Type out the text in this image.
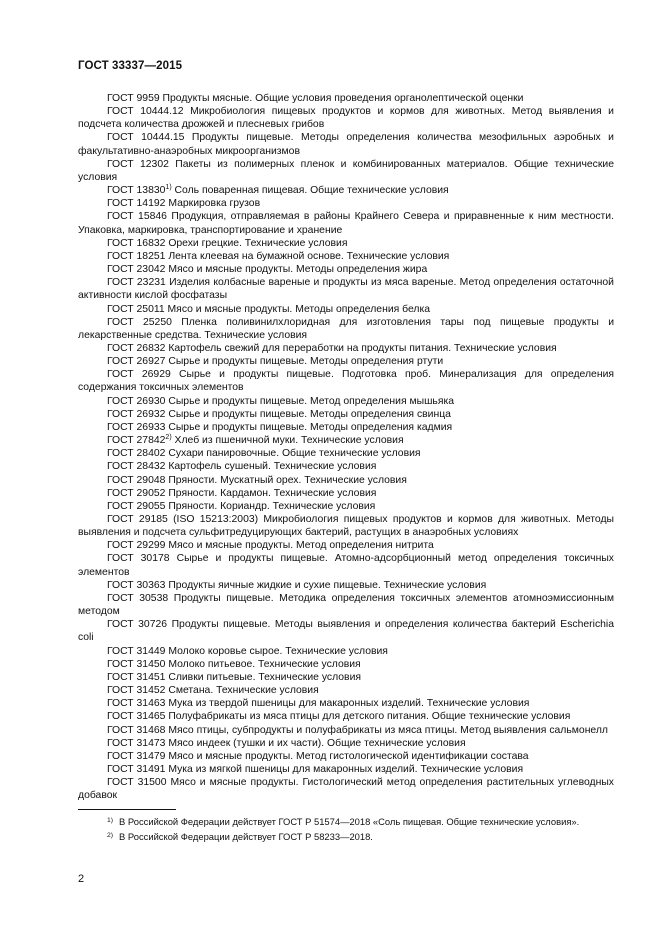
ГОСТ 33337—2015
ГОСТ 9959 Продукты мясные. Общие условия проведения органолептической оценки
ГОСТ 10444.12 Микробиология пищевых продуктов и кормов для животных. Метод выявления и подсчета количества дрожжей и плесневых грибов
ГОСТ 10444.15 Продукты пищевые. Методы определения количества мезофильных аэробных и факультативно-анаэробных микроорганизмов
ГОСТ 12302 Пакеты из полимерных пленок и комбинированных материалов. Общие технические условия
ГОСТ 13830$^{1)}$ Соль поваренная пищевая. Общие технические условия
ГОСТ 14192 Маркировка грузов
ГОСТ 15846 Продукция, отправляемая в районы Крайнего Севера и приравненные к ним местности. Упаковка, маркировка, транспортирование и хранение
ГОСТ 16832 Орехи грецкие. Технические условия
ГОСТ 18251 Лента клеевая на бумажной основе. Технические условия
ГОСТ 23042 Мясо и мясные продукты. Методы определения жира
ГОСТ 23231 Изделия колбасные вареные и продукты из мяса вареные. Метод определения остаточной активности кислой фосфатазы
ГОСТ 25011 Мясо и мясные продукты. Методы определения белка
ГОСТ 25250 Пленка поливинилхлоридная для изготовления тары под пищевые продукты и лекарственные средства. Технические условия
ГОСТ 26832 Картофель свежий для переработки на продукты питания. Технические условия
ГОСТ 26927 Сырье и продукты пищевые. Методы определения ртути
ГОСТ 26929 Сырье и продукты пищевые. Подготовка проб. Минерализация для определения содержания токсичных элементов
ГОСТ 26930 Сырье и продукты пищевые. Метод определения мышьяка
ГОСТ 26932 Сырье и продукты пищевые. Методы определения свинца
ГОСТ 26933 Сырье и продукты пищевые. Методы определения кадмия
ГОСТ 27842$^{2)}$ Хлеб из пшеничной муки. Технические условия
ГОСТ 28402 Сухари панировочные. Общие технические условия
ГОСТ 28432 Картофель сушеный. Технические условия
ГОСТ 29048 Пряности. Мускатный орех. Технические условия
ГОСТ 29052 Пряности. Кардамон. Технические условия
ГОСТ 29055 Пряности. Кориандр. Технические условия
ГОСТ 29185 (ISO 15213:2003) Микробиология пищевых продуктов и кормов для животных. Методы выявления и подсчета сульфитредуцирующих бактерий, растущих в анаэробных условиях
ГОСТ 29299 Мясо и мясные продукты. Метод определения нитрита
ГОСТ 30178 Сырье и продукты пищевые. Атомно-адсорбционный метод определения токсичных элементов
ГОСТ 30363 Продукты яичные жидкие и сухие пищевые. Технические условия
ГОСТ 30538 Продукты пищевые. Методика определения токсичных элементов атомноэмиссионным методом
ГОСТ 30726 Продукты пищевые. Методы выявления и определения количества бактерий Escherichia coli
ГОСТ 31449 Молоко коровье сырое. Технические условия
ГОСТ 31450 Молоко питьевое. Технические условия
ГОСТ 31451 Сливки питьевые. Технические условия
ГОСТ 31452 Сметана. Технические условия
ГОСТ 31463 Мука из твердой пшеницы для макаронных изделий. Технические условия
ГОСТ 31465 Полуфабрикаты из мяса птицы для детского питания. Общие технические условия
ГОСТ 31468 Мясо птицы, субпродукты и полуфабрикаты из мяса птицы. Метод выявления сальмонелл
ГОСТ 31473 Мясо индеек (тушки и их части). Общие технические условия
ГОСТ 31479 Мясо и мясные продукты. Метод гистологической идентификации состава
ГОСТ 31491 Мука из мягкой пшеницы для макаронных изделий. Технические условия
ГОСТ 31500 Мясо и мясные продукты. Гистологический метод определения растительных углеводных добавок
$^{1)}$ В Российской Федерации действует ГОСТ Р 51574—2018 «Соль пищевая. Общие технические условия».
$^{2)}$ В Российской Федерации действует ГОСТ Р 58233—2018.
2
